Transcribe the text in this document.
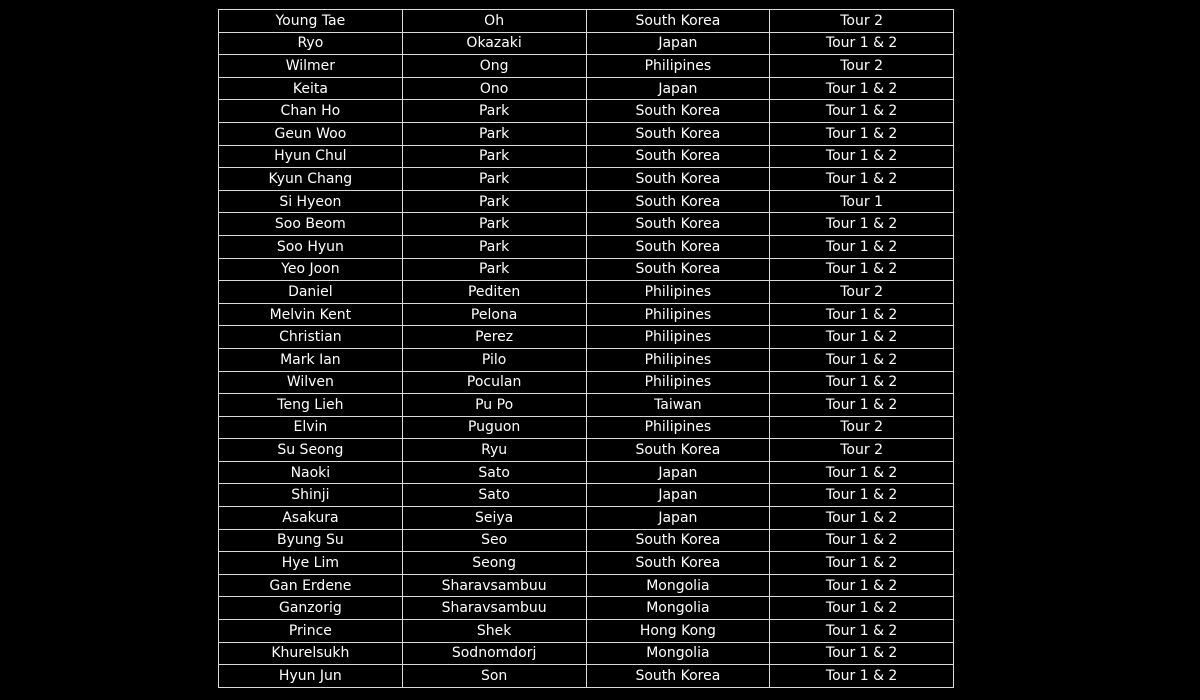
Young Tae	Oh	South Korea	Tour 2
Ryo	Okazaki	Japan	Tour 1 & 2
Wilmer	Ong	Philipines	Tour 2
Keita	Ono	Japan	Tour 1 & 2
Chan Ho	Park	South Korea	Tour 1 & 2
Geun Woo	Park	South Korea	Tour 1 & 2
Hyun Chul	Park	South Korea	Tour 1 & 2
Kyun Chang	Park	South Korea	Tour 1 & 2
Si Hyeon	Park	South Korea	Tour 1
Soo Beom	Park	South Korea	Tour 1 & 2
Soo Hyun	Park	South Korea	Tour 1 & 2
Yeo Joon	Park	South Korea	Tour 1 & 2
Daniel	Pediten	Philipines	Tour 2
Melvin Kent	Pelona	Philipines	Tour 1 & 2
Christian	Perez	Philipines	Tour 1 & 2
Mark Ian	Pilo	Philipines	Tour 1 & 2
Wilven	Poculan	Philipines	Tour 1 & 2
Teng Lieh	Pu Po	Taiwan	Tour 1 & 2
Elvin	Puguon	Philipines	Tour 2
Su Seong	Ryu	South Korea	Tour 2
Naoki	Sato	Japan	Tour 1 & 2
Shinji	Sato	Japan	Tour 1 & 2
Asakura	Seiya	Japan	Tour 1 & 2
Byung Su	Seo	South Korea	Tour 1 & 2
Hye Lim	Seong	South Korea	Tour 1 & 2
Gan Erdene	Sharavsambuu	Mongolia	Tour 1 & 2
Ganzorig	Sharavsambuu	Mongolia	Tour 1 & 2
Prince	Shek	Hong Kong	Tour 1 & 2
Khurelsukh	Sodnomdorj	Mongolia	Tour 1 & 2
Hyun Jun	Son	South Korea	Tour 1 & 2
